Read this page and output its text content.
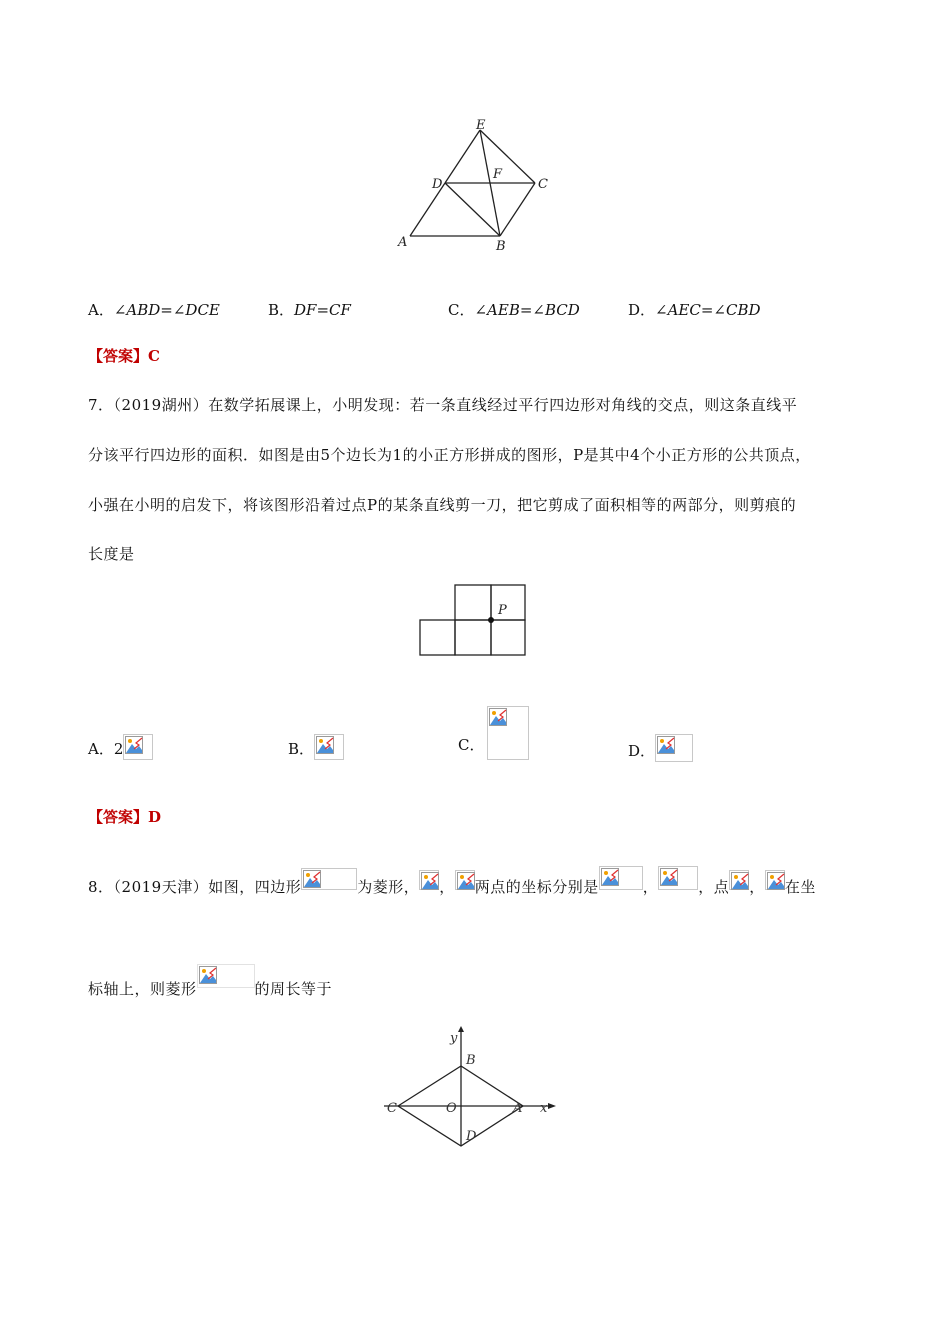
E
D
F
C
A	B
A．∠ABD=∠DCE	B．DF=CF	C．∠AEB=∠BCD	D．∠AEC=∠CBD
【答案】C
7．（2019湖州）在数学拓展课上，小明发现：若一条直线经过平行四边形对角线的交点，则这条直线平
分该平行四边形的面积．如图是由5个边长为1的小正方形拼成的图形，P是其中4个小正方形的公共顶点，
小强在小明的启发下，将该图形沿着过点P的某条直线剪一刀，把它剪成了面积相等的两部分，则剪痕的
长度是
P
A．2	B．	C．	D．
【答案】D
8．（2019天津）如图，四边形	为菱形， ， 两点的坐标分别是	，	，点 ， 在坐
标轴上，则菱形	的周长等于
y
B
C	O	A x
D
